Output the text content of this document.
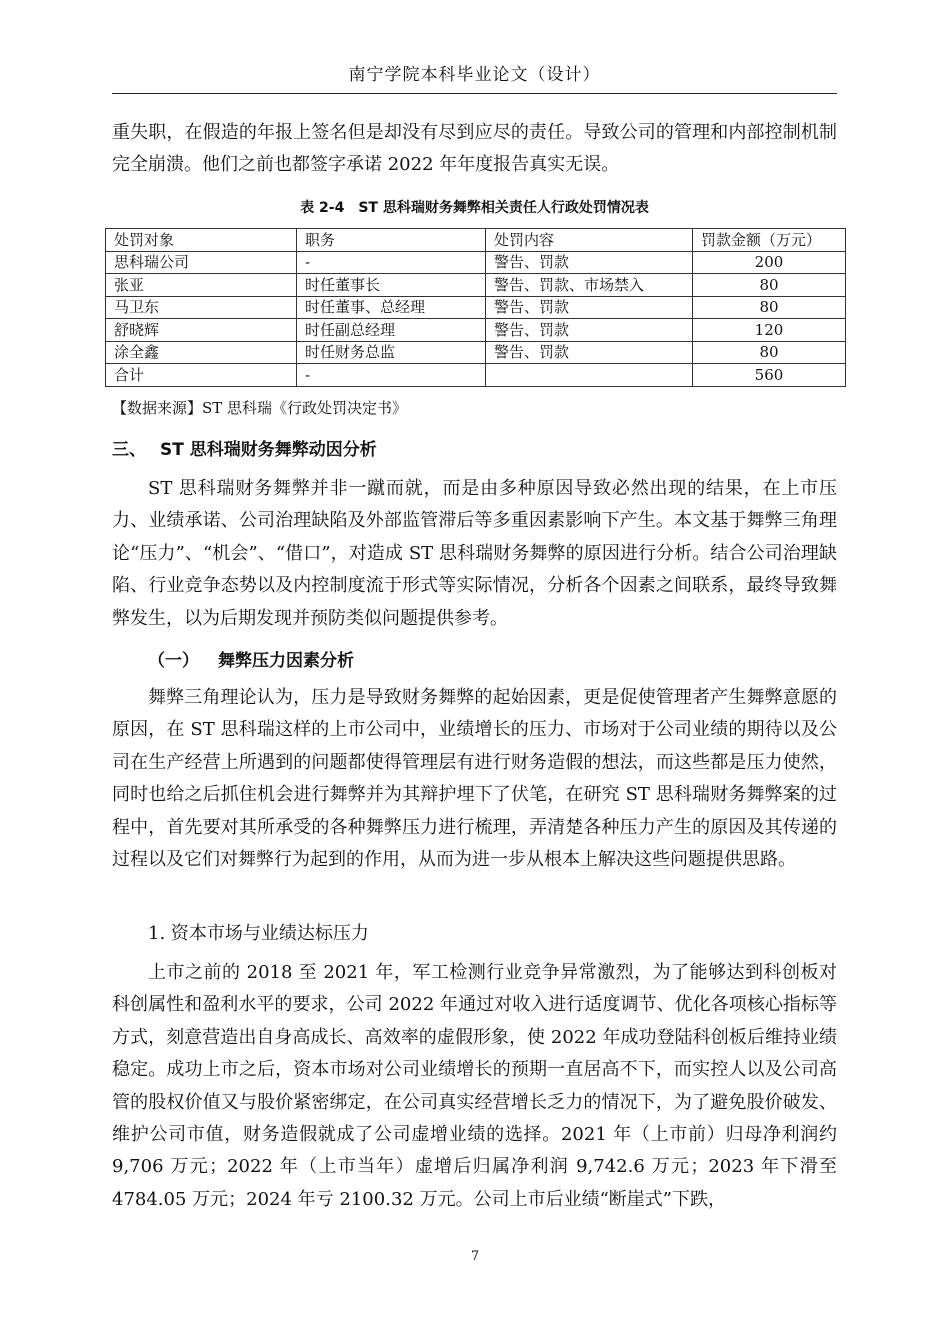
南宁学院本科毕业论文（设计）

重失职，在假造的年报上签名但是却没有尽到应尽的责任。导致公司的管理和内部控制机制完全崩溃。他们之前也都签字承诺 2022 年年度报告真实无误。

表 2-4　ST 思科瑞财务舞弊相关责任人行政处罚情况表
处罚对象	职务	处罚内容	罚款金额（万元）
思科瑞公司	-	警告、罚款	200
张亚	时任董事长	警告、罚款、市场禁入	80
马卫东	时任董事、总经理	警告、罚款	80
舒晓辉	时任副总经理	警告、罚款	120
涂全鑫	时任财务总监	警告、罚款	80
合计	-		560
【数据来源】ST 思科瑞《行政处罚决定书》
三、 ST 思科瑞财务舞弊动因分析

ST 思科瑞财务舞弊并非一蹴而就，而是由多种原因导致必然出现的结果，在上市压力、业绩承诺、公司治理缺陷及外部监管滞后等多重因素影响下产生。本文基于舞弊三角理论“压力”、“机会”、“借口”，对造成 ST 思科瑞财务舞弊的原因进行分析。结合公司治理缺陷、行业竞争态势以及内控制度流于形式等实际情况，分析各个因素之间联系，最终导致舞弊发生，以为后期发现并预防类似问题提供参考。

（一） 舞弊压力因素分析

舞弊三角理论认为，压力是导致财务舞弊的起始因素，更是促使管理者产生舞弊意愿的原因，在 ST 思科瑞这样的上市公司中，业绩增长的压力、市场对于公司业绩的期待以及公司在生产经营上所遇到的问题都使得管理层有进行财务造假的想法，而这些都是压力使然，同时也给之后抓住机会进行舞弊并为其辩护埋下了伏笔，在研究 ST 思科瑞财务舞弊案的过程中，首先要对其所承受的各种舞弊压力进行梳理，弄清楚各种压力产生的原因及其传递的过程以及它们对舞弊行为起到的作用，从而为进一步从根本上解决这些问题提供思路。

1. 资本市场与业绩达标压力

上市之前的 2018 至 2021 年，军工检测行业竞争异常激烈，为了能够达到科创板对科创属性和盈利水平的要求，公司 2022 年通过对收入进行适度调节、优化各项核心指标等方式，刻意营造出自身高成长、高效率的虚假形象，使 2022 年成功登陆科创板后维持业绩稳定。成功上市之后，资本市场对公司业绩增长的预期一直居高不下，而实控人以及公司高管的股权价值又与股价紧密绑定，在公司真实经营增长乏力的情况下，为了避免股价破发、维护公司市值，财务造假就成了公司虚增业绩的选择。2021 年（上市前）归母净利润约 9,706 万元；2022 年（上市当年）虚增后归属净利润 9,742.6 万元；2023 年下滑至 4784.05 万元；2024 年亏 2100.32 万元。公司上市后业绩“断崖式”下跌，

7
